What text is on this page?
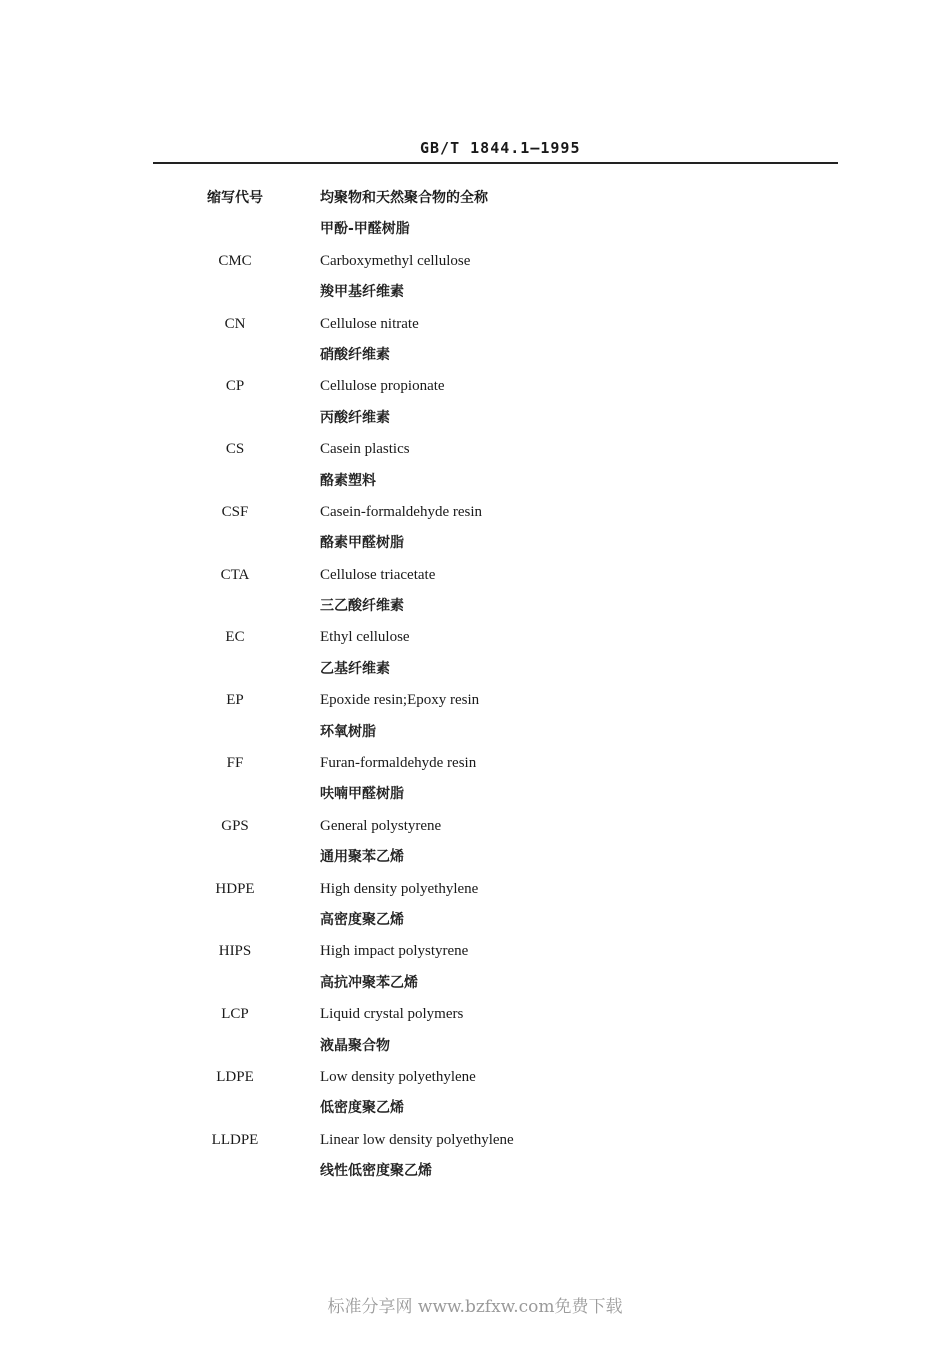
GB/T 1844.1—1995
缩写代号	均聚物和天然聚合物的全称
甲酚-甲醛树脂
CMC	Carboxymethyl cellulose
羧甲基纤维素
CN	Cellulose nitrate
硝酸纤维素
CP	Cellulose propionate
丙酸纤维素
CS	Casein plastics
酪素塑料
CSF	Casein-formaldehyde resin
酪素甲醛树脂
CTA	Cellulose triacetate
三乙酸纤维素
EC	Ethyl cellulose
乙基纤维素
EP	Epoxide resin;Epoxy resin
环氧树脂
FF	Furan-formaldehyde resin
呋喃甲醛树脂
GPS	General polystyrene
通用聚苯乙烯
HDPE	High density polyethylene
高密度聚乙烯
HIPS	High impact polystyrene
高抗冲聚苯乙烯
LCP	Liquid crystal polymers
液晶聚合物
LDPE	Low density polyethylene
低密度聚乙烯
LLDPE	Linear low density polyethylene
线性低密度聚乙烯
标准分享网 www.bzfxw.com免费下载
